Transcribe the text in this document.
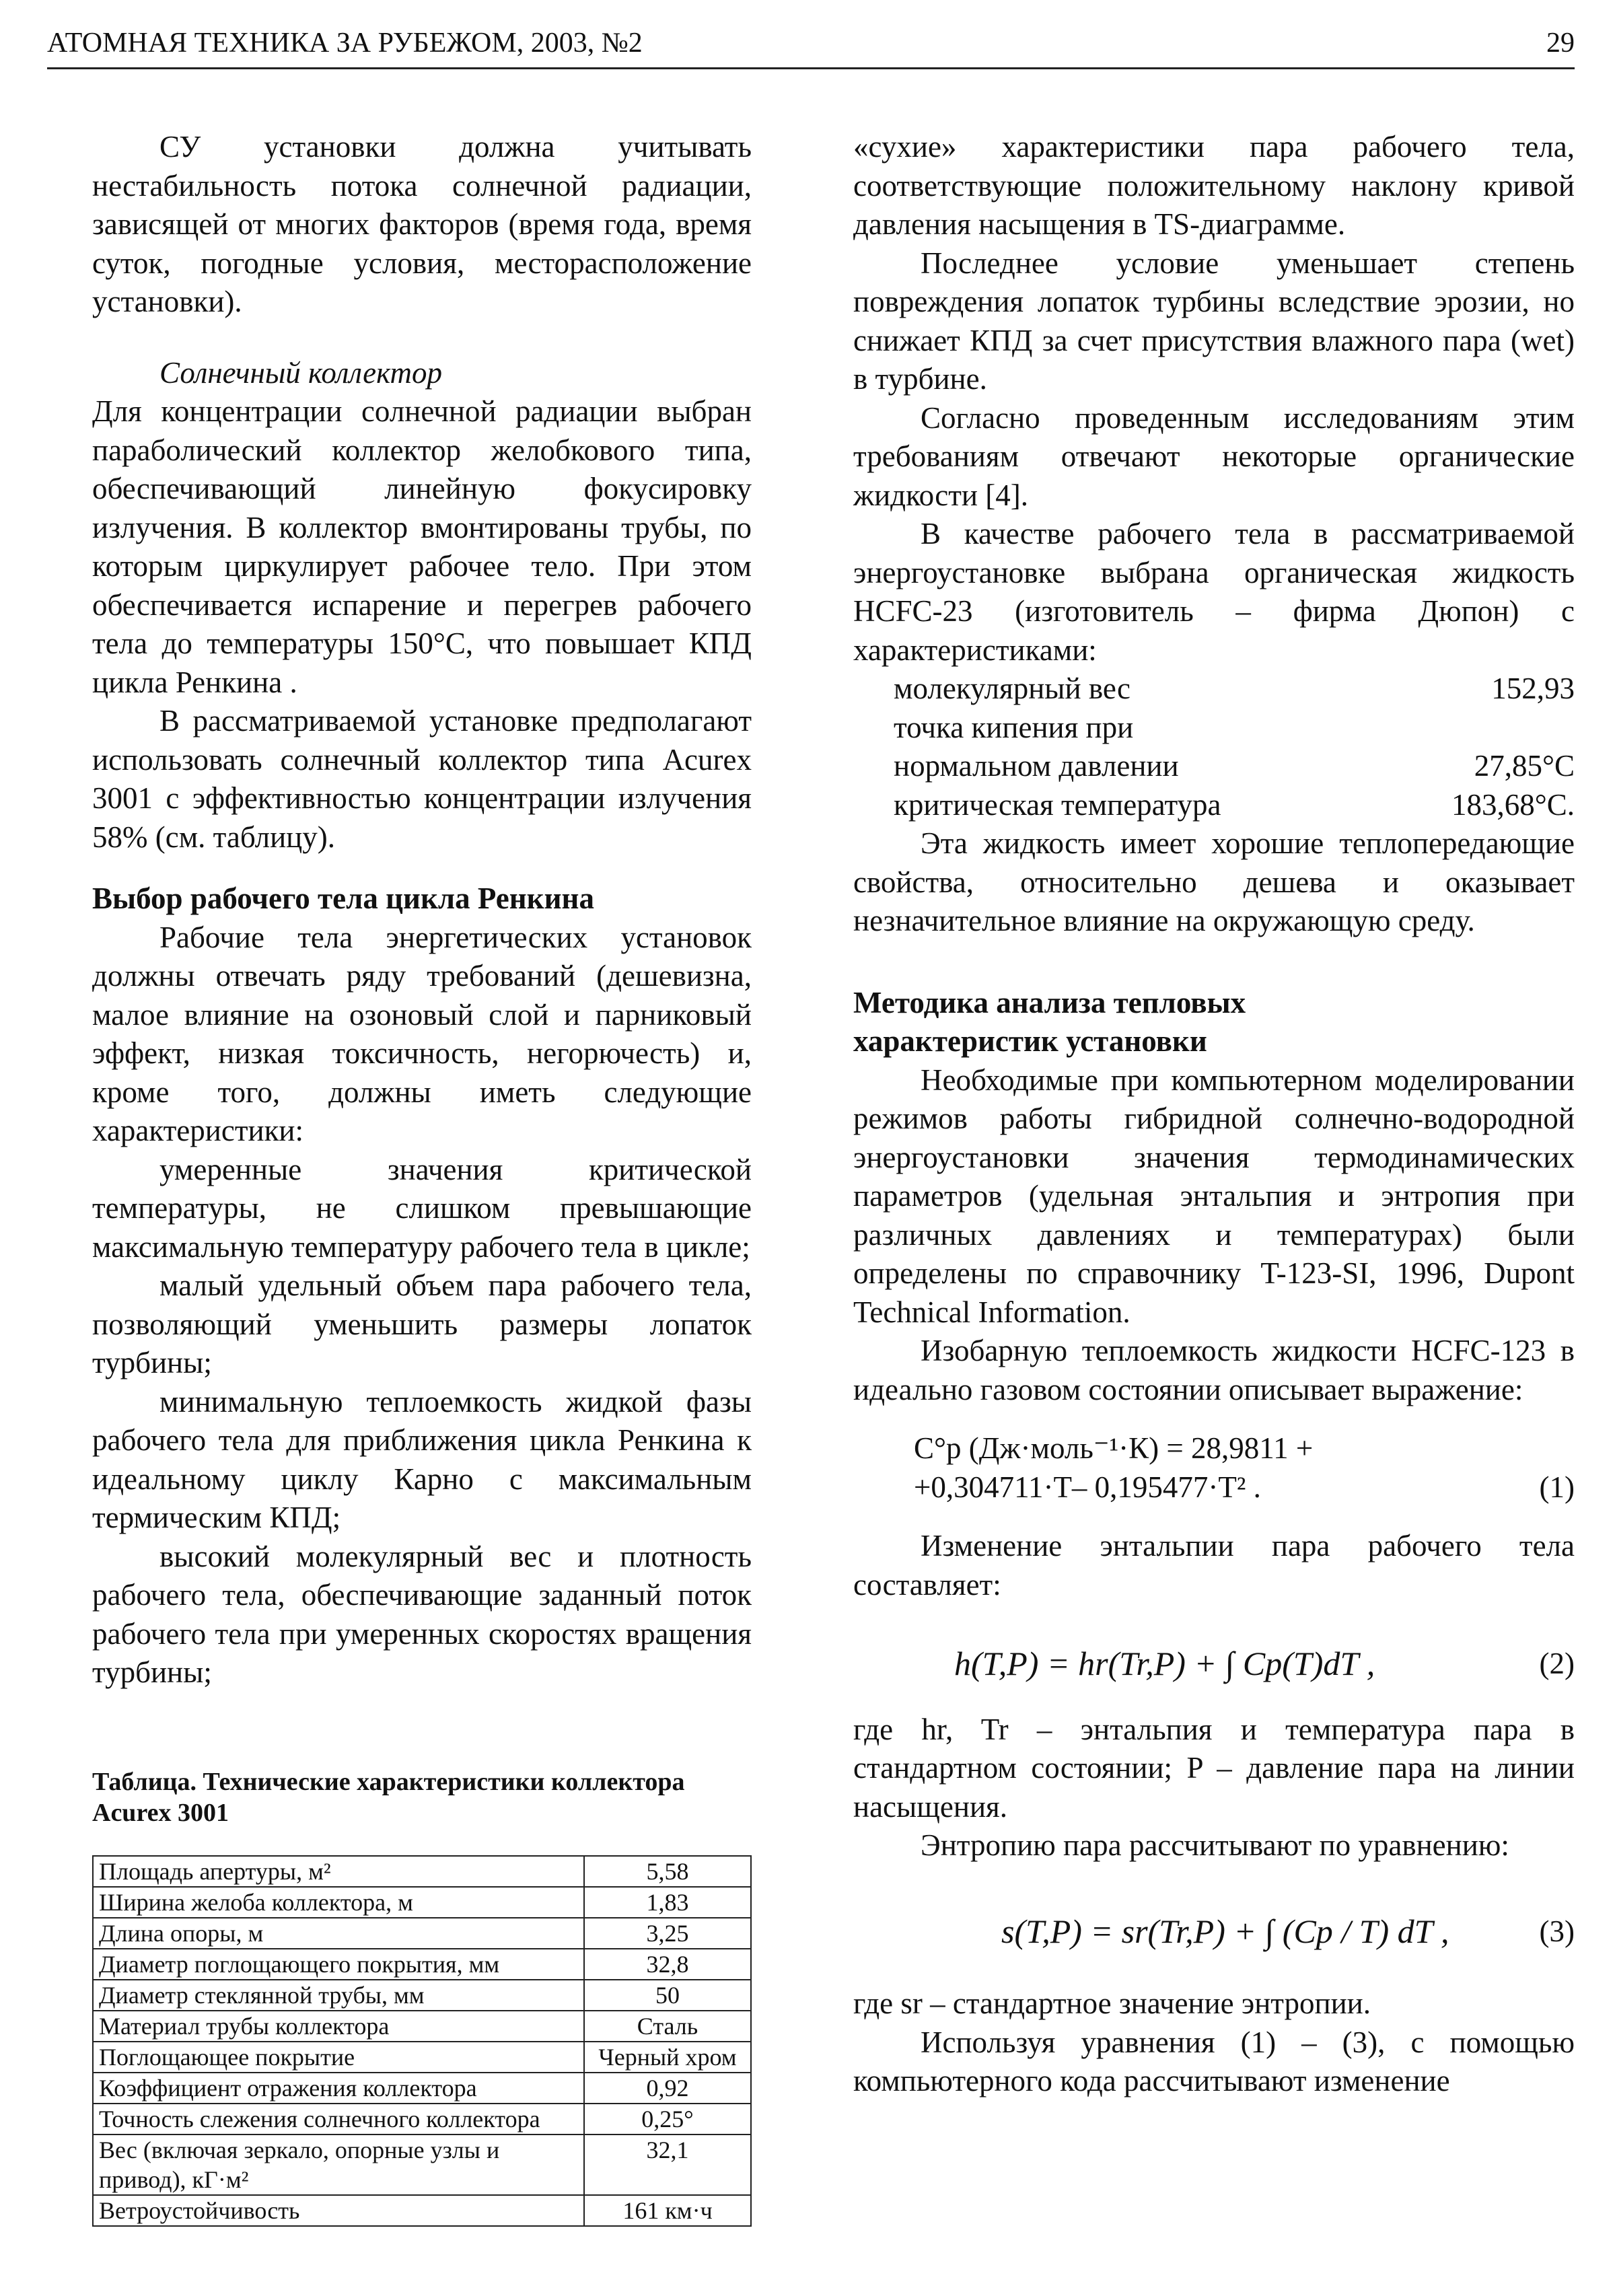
АТОМНАЯ ТЕХНИКА ЗА РУБЕЖОМ, 2003, №2	29

СУ установки должна учитывать нестабильность потока солнечной радиации, зависящей от многих факторов (время года, время суток, погодные условия, месторасположение установки).

Солнечный коллектор

Для концентрации солнечной радиации выбран параболический коллектор желобкового типа, обеспечивающий линейную фокусировку излучения. В коллектор вмонтированы трубы, по которым циркулирует рабочее тело. При этом обеспечивается испарение и перегрев рабочего тела до температуры 150°С, что повышает КПД цикла Ренкина .

В рассматриваемой установке предполагают использовать солнечный коллектор типа Acurex 3001 с эффективностью концентрации излучения 58% (см. таблицу).

Выбор рабочего тела цикла Ренкина

Рабочие тела энергетических установок должны отвечать ряду требований (дешевизна, малое влияние на озоновый слой и парниковый эффект, низкая токсичность, негорючесть) и, кроме того, должны иметь следующие характеристики:

умеренные значения критической температуры, не слишком превышающие максимальную температуру рабочего тела в цикле;

малый удельный объем пара рабочего тела, позволяющий уменьшить размеры лопаток турбины;

минимальную теплоемкость жидкой фазы рабочего тела для приближения цикла Ренкина к идеальному циклу Карно с максимальным термическим КПД;

высокий молекулярный вес и плотность рабочего тела, обеспечивающие заданный поток рабочего тела при умеренных скоростях вращения турбины;

Таблица. Технические характеристики коллектора Acurex 3001

Площадь апертуры, м²	5,58
Ширина желоба коллектора, м	1,83
Длина опоры, м	3,25
Диаметр поглощающего покрытия, мм	32,8
Диаметр стеклянной трубы, мм	50
Материал трубы коллектора	Сталь
Поглощающее покрытие	Черный хром
Коэффициент отражения коллектора	0,92
Точность слежения солнечного коллектора	0,25°
Вес (включая зеркало, опорные узлы и привод), кГ·м²	32,1
Ветроустойчивость	161 км·ч

«сухие» характеристики пара рабочего тела, соответствующие положительному наклону кривой давления насыщения в TS-диаграмме.

Последнее условие уменьшает степень повреждения лопаток турбины вследствие эрозии, но снижает КПД за счет присутствия влажного пара (wet) в турбине.

Согласно проведенным исследованиям этим требованиям отвечают некоторые органические жидкости [4].

В качестве рабочего тела в рассматриваемой энергоустановке выбрана органическая жидкость HCFC-23 (изготовитель – фирма Дюпон) с характеристиками:

молекулярный вес	152,93
точка кипения при нормальном давлении	27,85°С
критическая температура	183,68°С.

Эта жидкость имеет хорошие теплопередающие свойства, относительно дешева и оказывает незначительное влияние на окружающую среду.

Методика анализа тепловых характеристик установки

Необходимые при компьютерном моделировании режимов работы гибридной солнечно-водородной энергоустановки значения термодинамических параметров (удельная энтальпия и энтропия при различных давлениях и температурах) были определены по справочнику T-123-SI, 1996, Dupont Technical Information.

Изобарную теплоемкость жидкости HCFC-123 в идеально газовом состоянии описывает выражение:

C°p (Дж·моль⁻¹·К) = 28,9811 +
+0,304711·T– 0,195477·T² .	(1)

Изменение энтальпии пара рабочего тела составляет:

h(T,P) = hr(Tr,P) + ∫ Cp(T)dT ,	(2)

где hr, Tr – энтальпия и температура пара в стандартном состоянии; P – давление пара на линии насыщения.

Энтропию пара рассчитывают по уравнению:

s(T,P) = sr(Tr,P) + ∫ (Cp / T) dT ,	(3)

где sr – стандартное значение энтропии.

Используя уравнения (1) – (3), с помощью компьютерного кода рассчитывают изменение
